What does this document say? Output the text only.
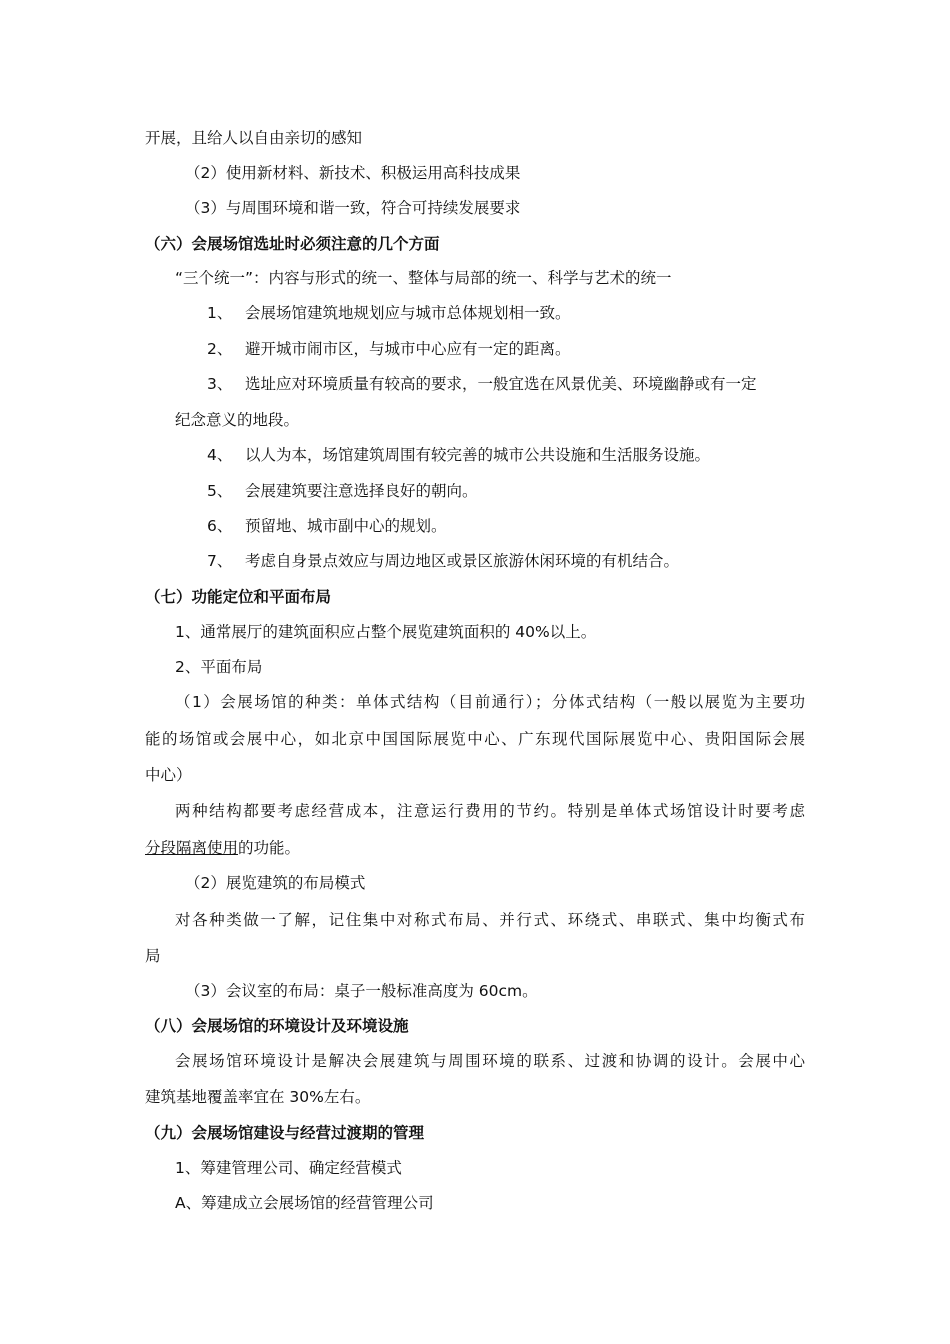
开展，且给人以自由亲切的感知
（2）使用新材料、新技术、积极运用高科技成果
（3）与周围环境和谐一致，符合可持续发展要求
（六）会展场馆选址时必须注意的几个方面
“三个统一”：内容与形式的统一、整体与局部的统一、科学与艺术的统一
1、 会展场馆建筑地规划应与城市总体规划相一致。
2、 避开城市闹市区，与城市中心应有一定的距离。
3、 选址应对环境质量有较高的要求，一般宜选在风景优美、环境幽静或有一定
纪念意义的地段。
4、 以人为本，场馆建筑周围有较完善的城市公共设施和生活服务设施。
5、 会展建筑要注意选择良好的朝向。
6、 预留地、城市副中心的规划。
7、 考虑自身景点效应与周边地区或景区旅游休闲环境的有机结合。
（七）功能定位和平面布局
1、通常展厅的建筑面积应占整个展览建筑面积的 40%以上。
2、平面布局
（1）会展场馆的种类：单体式结构（目前通行）；分体式结构（一般以展览为主要功
能的场馆或会展中心，如北京中国国际展览中心、广东现代国际展览中心、贵阳国际会展
中心）
两种结构都要考虑经营成本，注意运行费用的节约。特别是单体式场馆设计时要考虑
分段隔离使用的功能。
（2）展览建筑的布局模式
对各种类做一了解，记住集中对称式布局、并行式、环绕式、串联式、集中均衡式布
局
（3）会议室的布局：桌子一般标准高度为 60cm。
（八）会展场馆的环境设计及环境设施
会展场馆环境设计是解决会展建筑与周围环境的联系、过渡和协调的设计。会展中心
建筑基地覆盖率宜在 30%左右。
（九）会展场馆建设与经营过渡期的管理
1、筹建管理公司、确定经营模式
A、筹建成立会展场馆的经营管理公司
